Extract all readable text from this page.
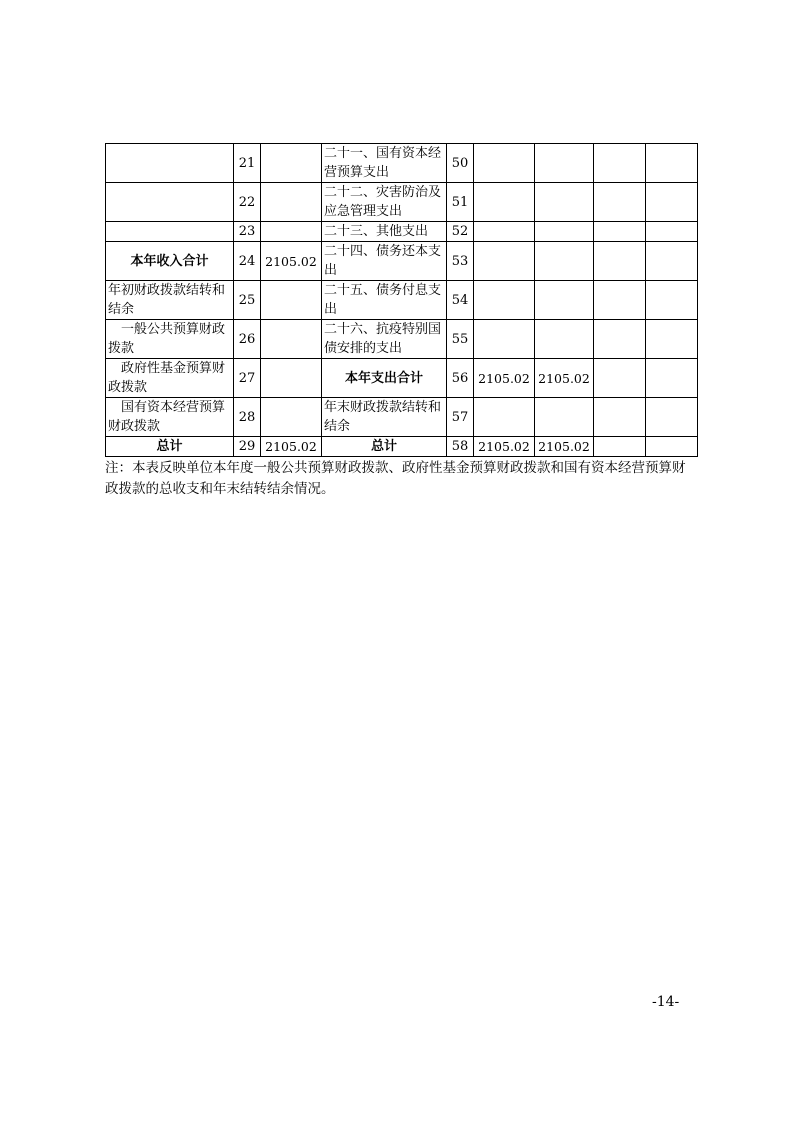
	21		二十一、国有资本经营预算支出	50				
	22		二十二、灾害防治及应急管理支出	51				
	23		二十三、其他支出	52				
本年收入合计	24	2105.02	二十四、债务还本支出	53				
年初财政拨款结转和结余	25		二十五、债务付息支出	54				
一般公共预算财政拨款	26		二十六、抗疫特别国债安排的支出	55				
政府性基金预算财政拨款	27		本年支出合计	56	2105.02	2105.02		
国有资本经营预算财政拨款	28		年末财政拨款结转和结余	57				
总计	29	2105.02	总计	58	2105.02	2105.02		
注：本表反映单位本年度一般公共预算财政拨款、政府性基金预算财政拨款和国有资本经营预算财政拨款的总收支和年末结转结余情况。
-14-
